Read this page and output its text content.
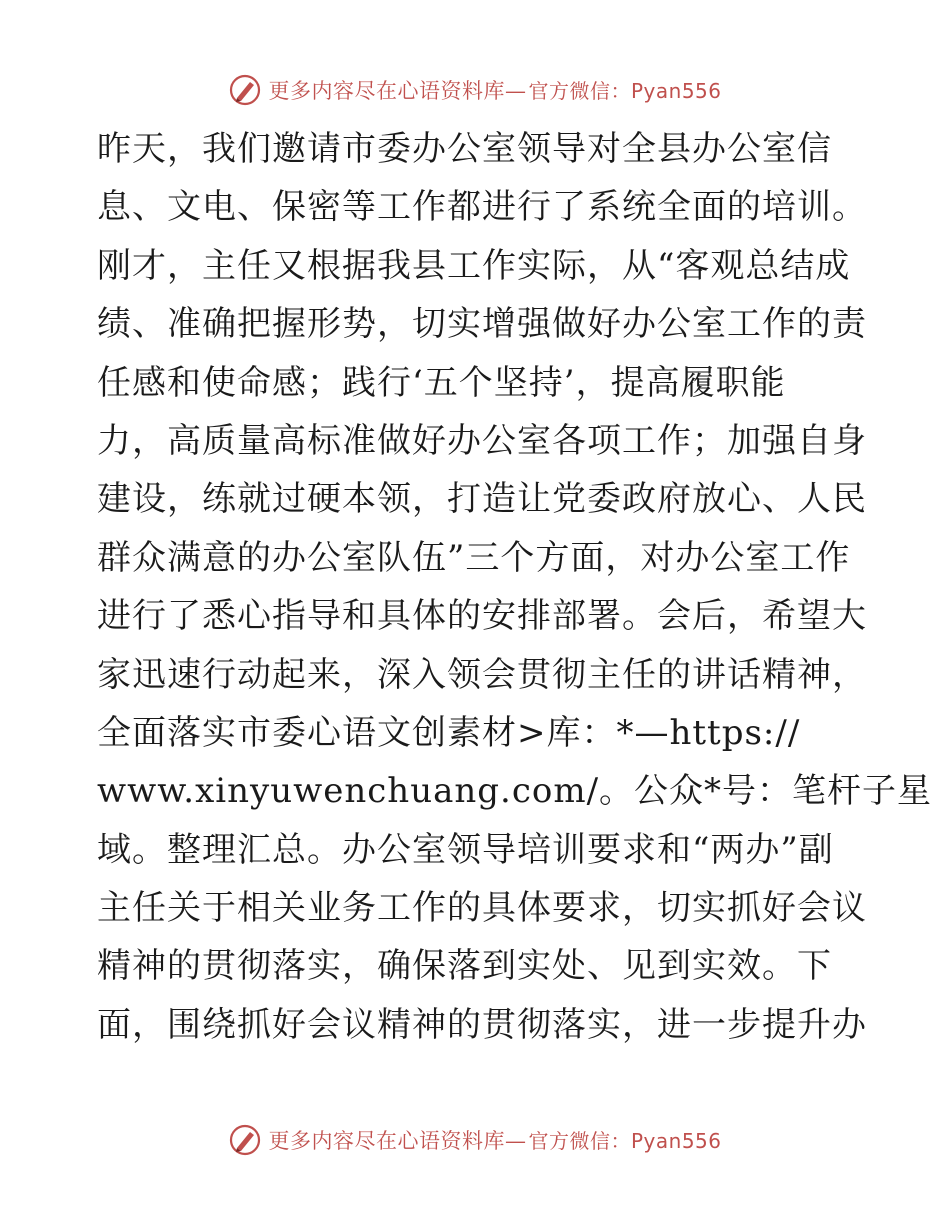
更多内容尽在心语资料库— 官方微信：Pyan556
昨天，我们邀请市委办公室领导对全县办公室信
息、文电、保密等工作都进行了系统全面的培训。
刚才，主任又根据我县工作实际，从“客观总结成
绩、准确把握形势，切实增强做好办公室工作的责
任感和使命感；践行‘五个坚持’，提高履职能
力，高质量高标准做好办公室各项工作；加强自身
建设，练就过硬本领，打造让党委政府放心、人民
群众满意的办公室队伍”三个方面，对办公室工作
进行了悉心指导和具体的安排部署。会后，希望大
家迅速行动起来，深入领会贯彻主任的讲话精神，
全面落实市委心语文创素材>库：*—https://
www.xinyuwenchuang.com/。公众*号：笔杆子星
域。整理汇总。办公室领导培训要求和“两办”副
主任关于相关业务工作的具体要求，切实抓好会议
精神的贯彻落实，确保落到实处、见到实效。下
面，围绕抓好会议精神的贯彻落实，进一步提升办
更多内容尽在心语资料库— 官方微信：Pyan556
